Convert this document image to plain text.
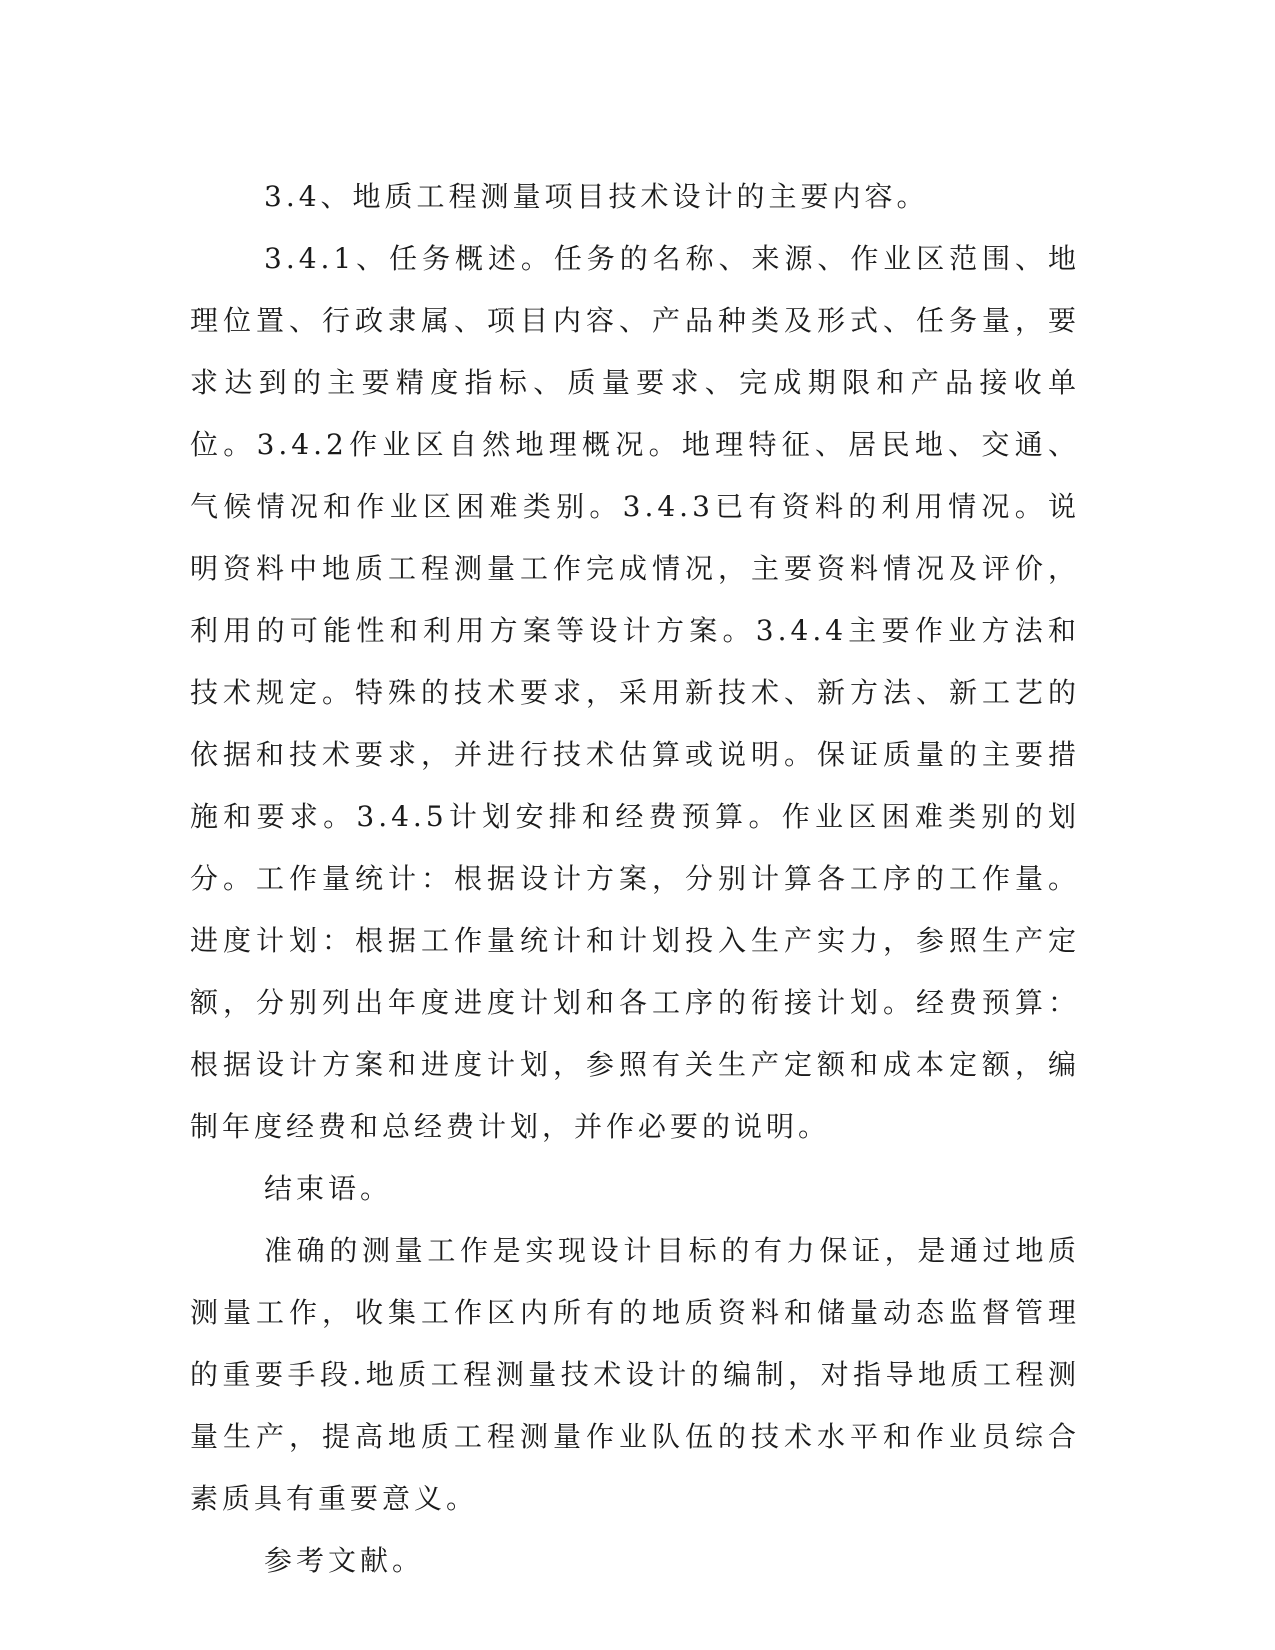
3.4、地质工程测量项目技术设计的主要内容。

3.4.1、任务概述。任务的名称、来源、作业区范围、地理位置、行政隶属、项目内容、产品种类及形式、任务量，要求达到的主要精度指标、质量要求、完成期限和产品接收单位。3.4.2作业区自然地理概况。地理特征、居民地、交通、气候情况和作业区困难类别。3.4.3已有资料的利用情况。说明资料中地质工程测量工作完成情况，主要资料情况及评价，利用的可能性和利用方案等设计方案。3.4.4主要作业方法和技术规定。特殊的技术要求，采用新技术、新方法、新工艺的依据和技术要求，并进行技术估算或说明。保证质量的主要措施和要求。3.4.5计划安排和经费预算。作业区困难类别的划分。工作量统计：根据设计方案，分别计算各工序的工作量。进度计划：根据工作量统计和计划投入生产实力，参照生产定额，分别列出年度进度计划和各工序的衔接计划。经费预算：根据设计方案和进度计划，参照有关生产定额和成本定额，编制年度经费和总经费计划，并作必要的说明。

结束语。

准确的测量工作是实现设计目标的有力保证，是通过地质测量工作，收集工作区内所有的地质资料和储量动态监督管理的重要手段.地质工程测量技术设计的编制，对指导地质工程测量生产，提高地质工程测量作业队伍的技术水平和作业员综合素质具有重要意义。

参考文献。
